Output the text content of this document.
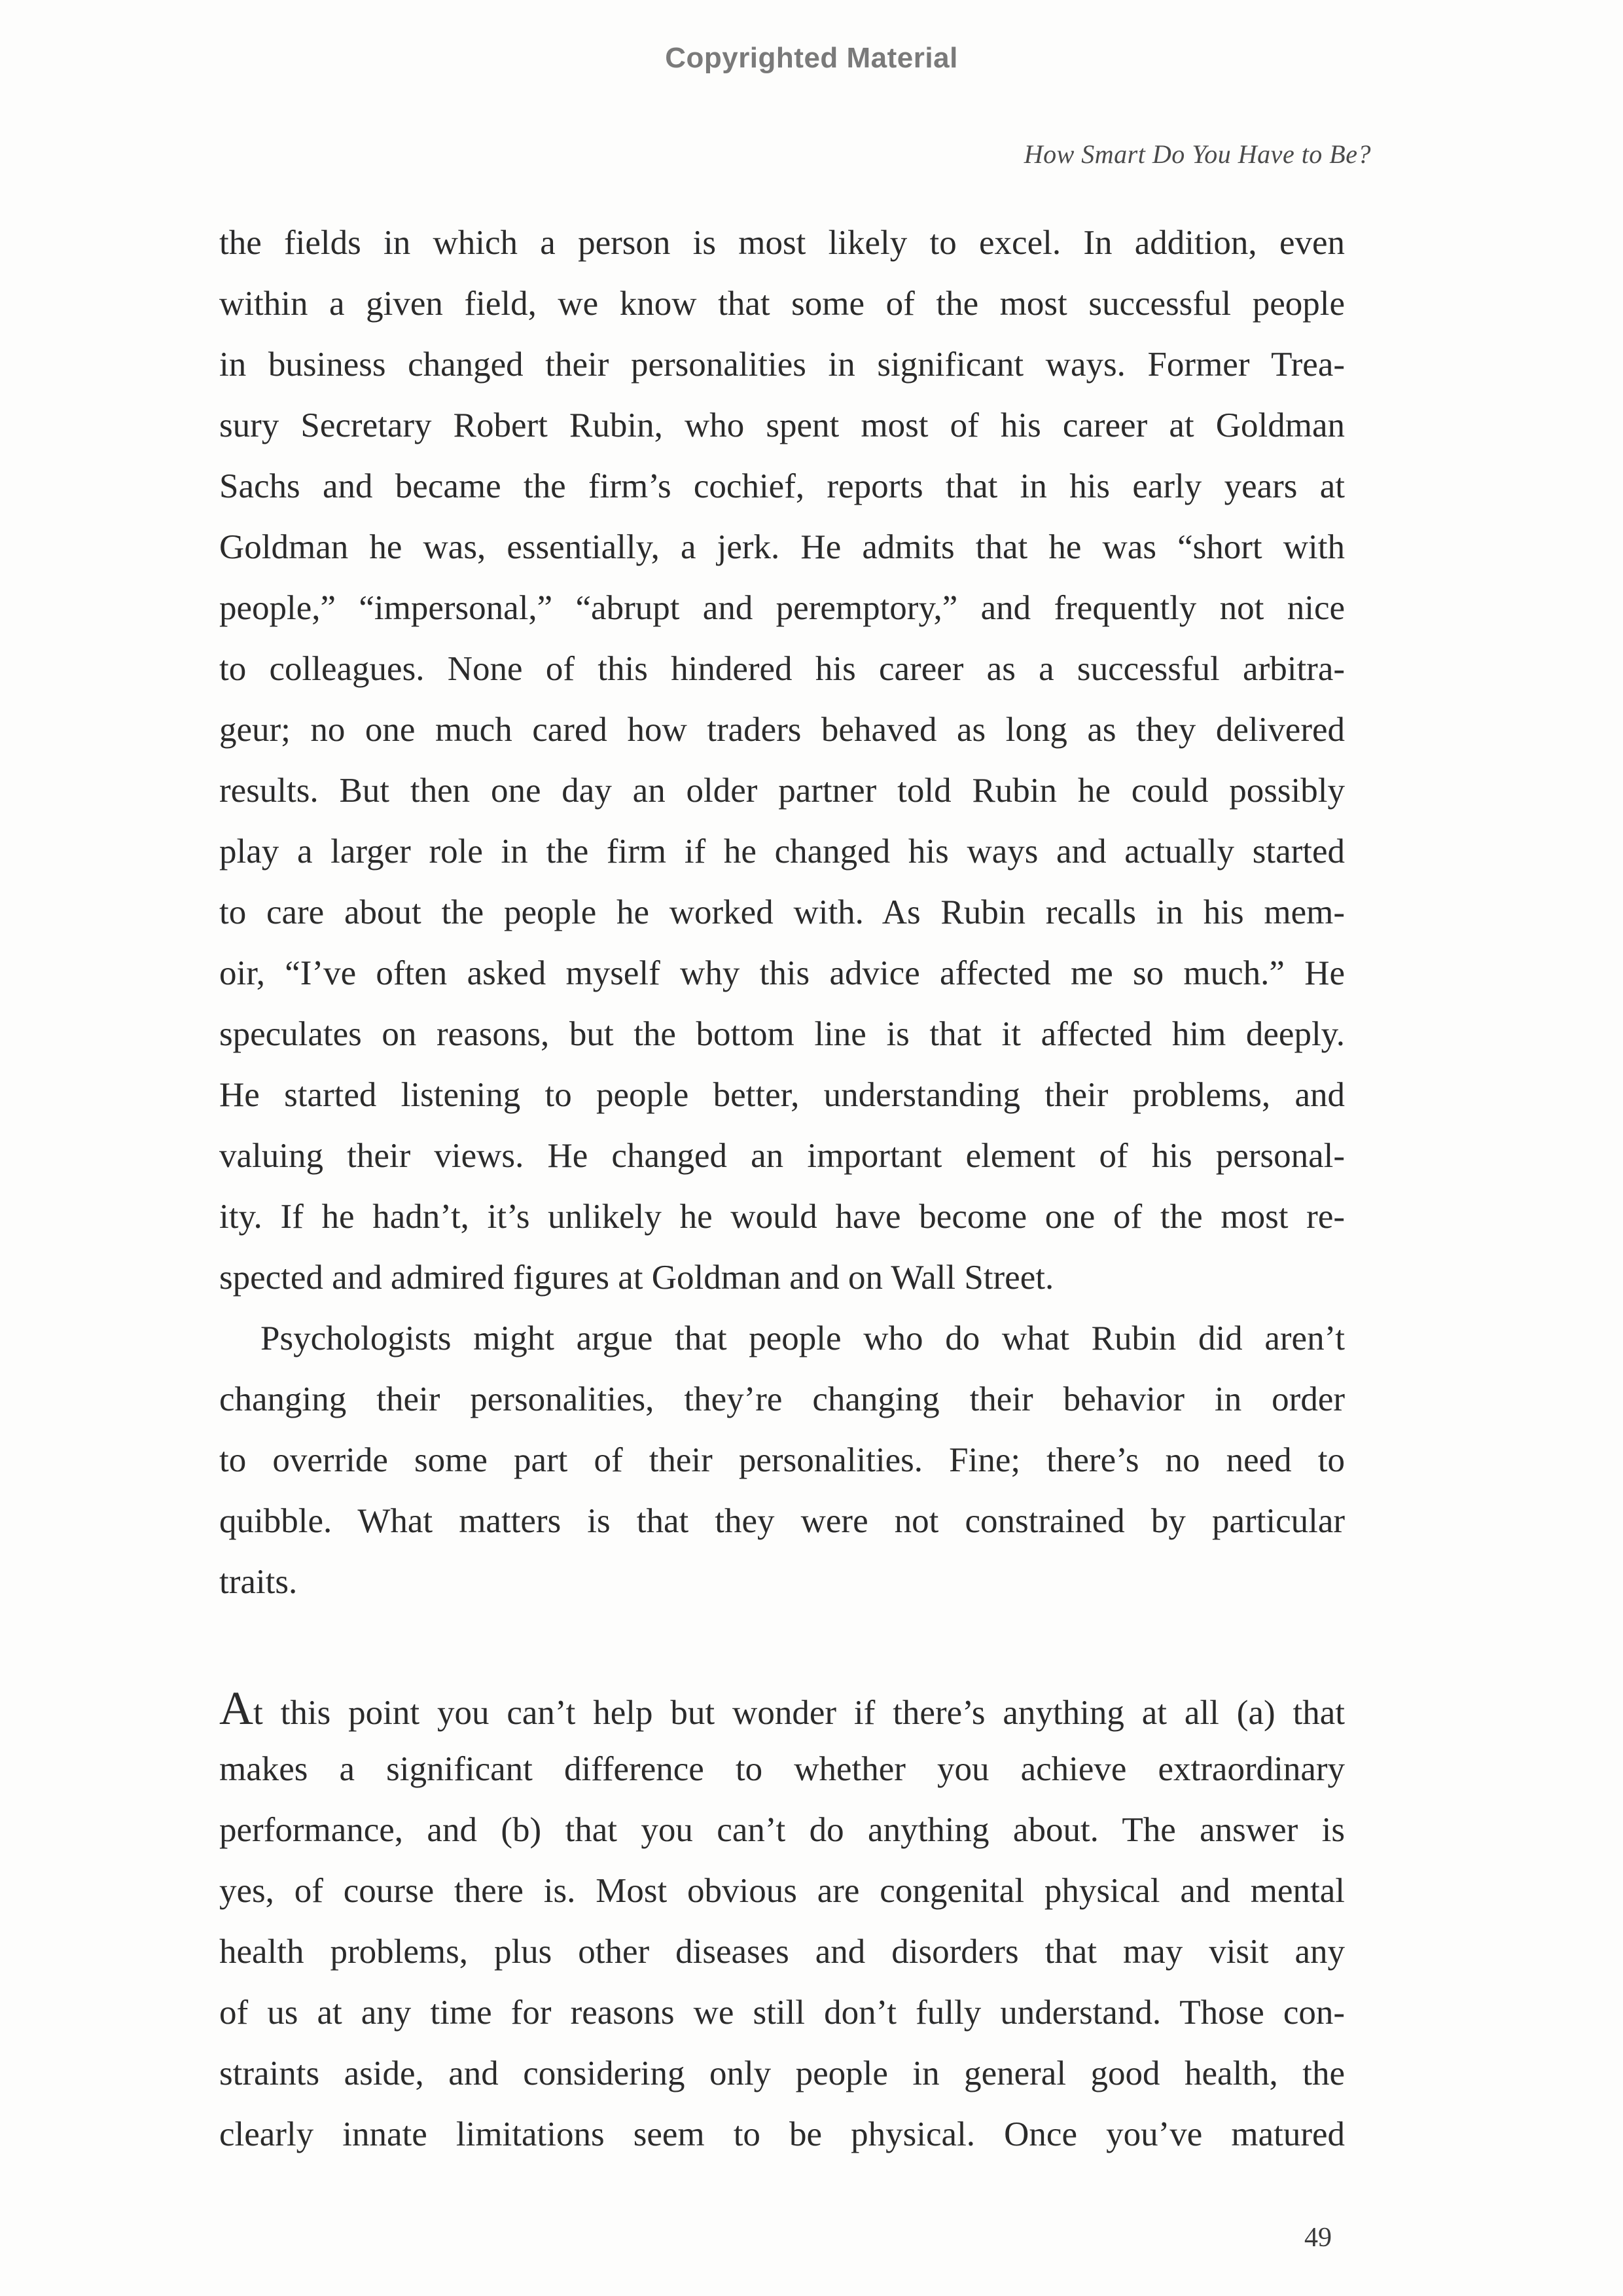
Copyrighted Material
How Smart Do You Have to Be?
the fields in which a person is most likely to excel. In addition, even
within a given field, we know that some of the most successful people
in business changed their personalities in significant ways. Former Trea-
sury Secretary Robert Rubin, who spent most of his career at Goldman
Sachs and became the firm’s cochief, reports that in his early years at
Goldman he was, essentially, a jerk. He admits that he was “short with
people,” “impersonal,” “abrupt and peremptory,” and frequently not nice
to colleagues. None of this hindered his career as a successful arbitra-
geur; no one much cared how traders behaved as long as they delivered
results. But then one day an older partner told Rubin he could possibly
play a larger role in the firm if he changed his ways and actually started
to care about the people he worked with. As Rubin recalls in his mem-
oir, “I’ve often asked myself why this advice affected me so much.” He
speculates on reasons, but the bottom line is that it affected him deeply.
He started listening to people better, understanding their problems, and
valuing their views. He changed an important element of his personal-
ity. If he hadn’t, it’s unlikely he would have become one of the most re-
spected and admired figures at Goldman and on Wall Street.
Psychologists might argue that people who do what Rubin did aren’t
changing their personalities, they’re changing their behavior in order
to override some part of their personalities. Fine; there’s no need to
quibble. What matters is that they were not constrained by particular
traits.
At this point you can’t help but wonder if there’s anything at all (a) that
makes a significant difference to whether you achieve extraordinary
performance, and (b) that you can’t do anything about. The answer is
yes, of course there is. Most obvious are congenital physical and mental
health problems, plus other diseases and disorders that may visit any
of us at any time for reasons we still don’t fully understand. Those con-
straints aside, and considering only people in general good health, the
clearly innate limitations seem to be physical. Once you’ve matured
49
